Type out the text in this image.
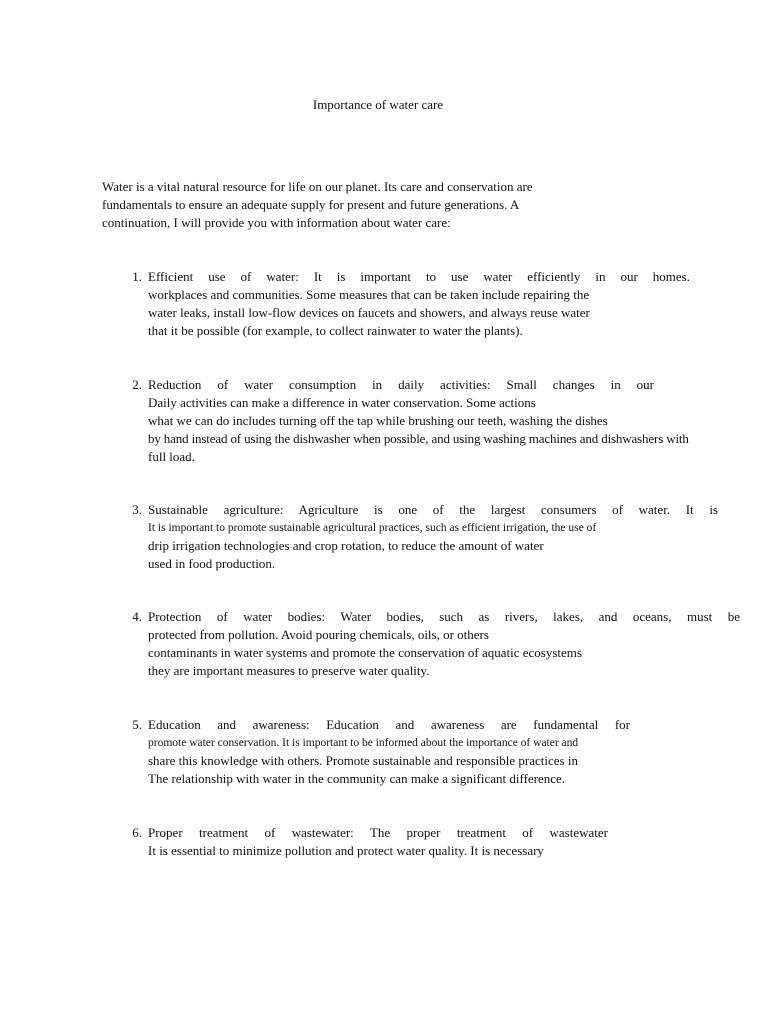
Importance of water care
Water is a vital natural resource for life on our planet. Its care and conservation are
fundamentals to ensure an adequate supply for present and future generations. A
continuation, I will provide you with information about water care:
1. Efficient use of water: It is important to use water efficiently in our homes.
workplaces and communities. Some measures that can be taken include repairing the
water leaks, install low-flow devices on faucets and showers, and always reuse water
that it be possible (for example, to collect rainwater to water the plants).
2. Reduction of water consumption in daily activities: Small changes in our
Daily activities can make a difference in water conservation. Some actions
what we can do includes turning off the tap while brushing our teeth, washing the dishes
by hand instead of using the dishwasher when possible, and using washing machines and dishwashers with
full load.
3. Sustainable agriculture: Agriculture is one of the largest consumers of water. It is
It is important to promote sustainable agricultural practices, such as efficient irrigation, the use of
drip irrigation technologies and crop rotation, to reduce the amount of water
used in food production.
4. Protection of water bodies: Water bodies, such as rivers, lakes, and oceans, must be
protected from pollution. Avoid pouring chemicals, oils, or others
contaminants in water systems and promote the conservation of aquatic ecosystems
they are important measures to preserve water quality.
5. Education and awareness: Education and awareness are fundamental for
promote water conservation. It is important to be informed about the importance of water and
share this knowledge with others. Promote sustainable and responsible practices in
The relationship with water in the community can make a significant difference.
6. Proper treatment of wastewater: The proper treatment of wastewater
It is essential to minimize pollution and protect water quality. It is necessary
